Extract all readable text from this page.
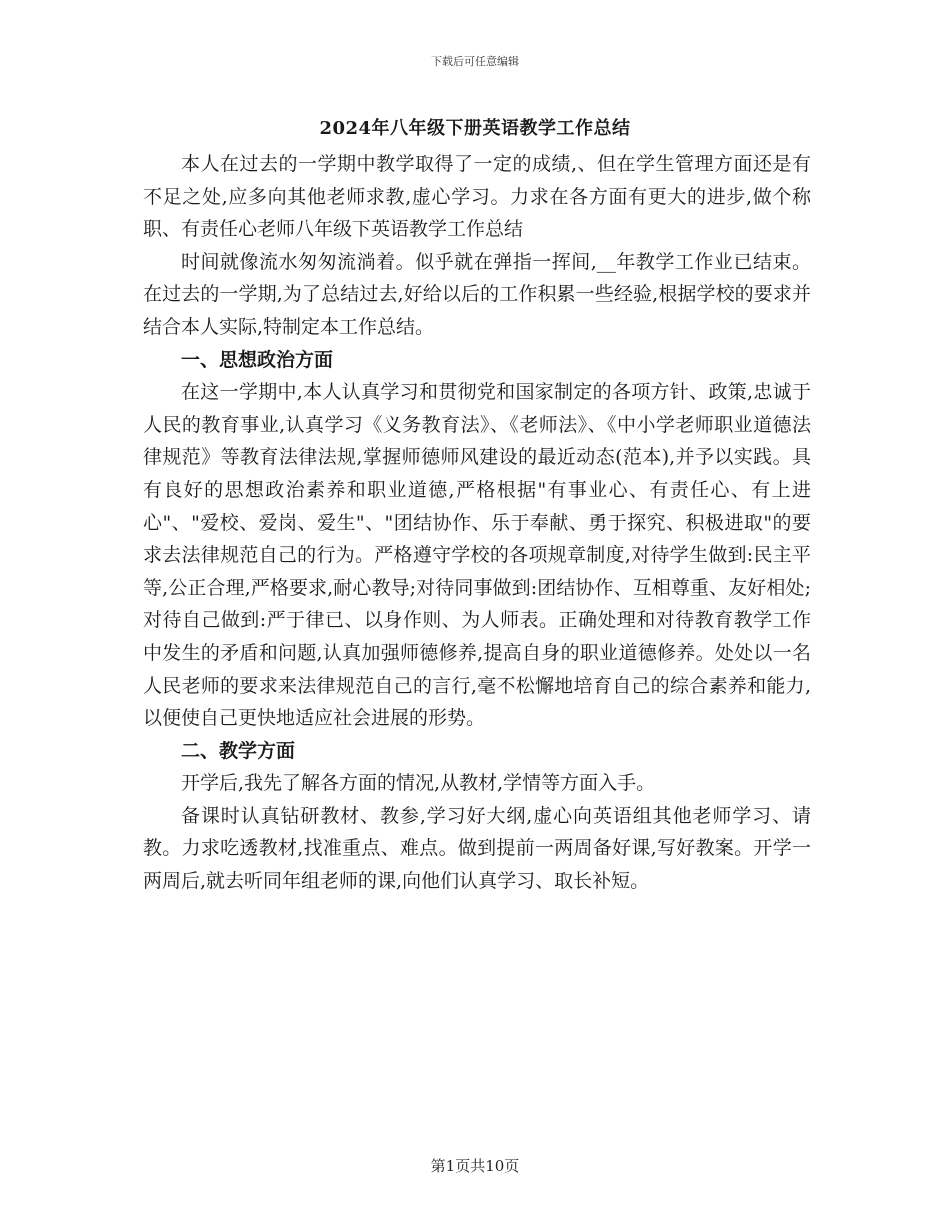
下载后可任意编辑
2024年八年级下册英语教学工作总结

本人在过去的一学期中教学取得了一定的成绩,、但在学生管理方面还是有不足之处,应多向其他老师求教,虚心学习。力求在各方面有更大的进步,做个称职、有责任心老师八年级下英语教学工作总结

时间就像流水匆匆流淌着。似乎就在弹指一挥间,__年教学工作业已结束。在过去的一学期,为了总结过去,好给以后的工作积累一些经验,根据学校的要求并结合本人实际,特制定本工作总结。

一、思想政治方面

在这一学期中,本人认真学习和贯彻党和国家制定的各项方针、政策,忠诚于人民的教育事业,认真学习《义务教育法》、《老师法》、《中小学老师职业道德法律规范》等教育法律法规,掌握师德师风建设的最近动态(范本),并予以实践。具有良好的思想政治素养和职业道德,严格根据"有事业心、有责任心、有上进心"、"爱校、爱岗、爱生"、"团结协作、乐于奉献、勇于探究、积极进取"的要求去法律规范自己的行为。严格遵守学校的各项规章制度,对待学生做到:民主平等,公正合理,严格要求,耐心教导;对待同事做到:团结协作、互相尊重、友好相处;对待自己做到:严于律已、以身作则、为人师表。正确处理和对待教育教学工作中发生的矛盾和问题,认真加强师德修养,提高自身的职业道德修养。处处以一名人民老师的要求来法律规范自己的言行,毫不松懈地培育自己的综合素养和能力,以便使自己更快地适应社会进展的形势。

二、教学方面

开学后,我先了解各方面的情况,从教材,学情等方面入手。

备课时认真钻研教材、教参,学习好大纲,虚心向英语组其他老师学习、请教。力求吃透教材,找准重点、难点。做到提前一两周备好课,写好教案。开学一两周后,就去听同年组老师的课,向他们认真学习、取长补短。

第1页共10页
